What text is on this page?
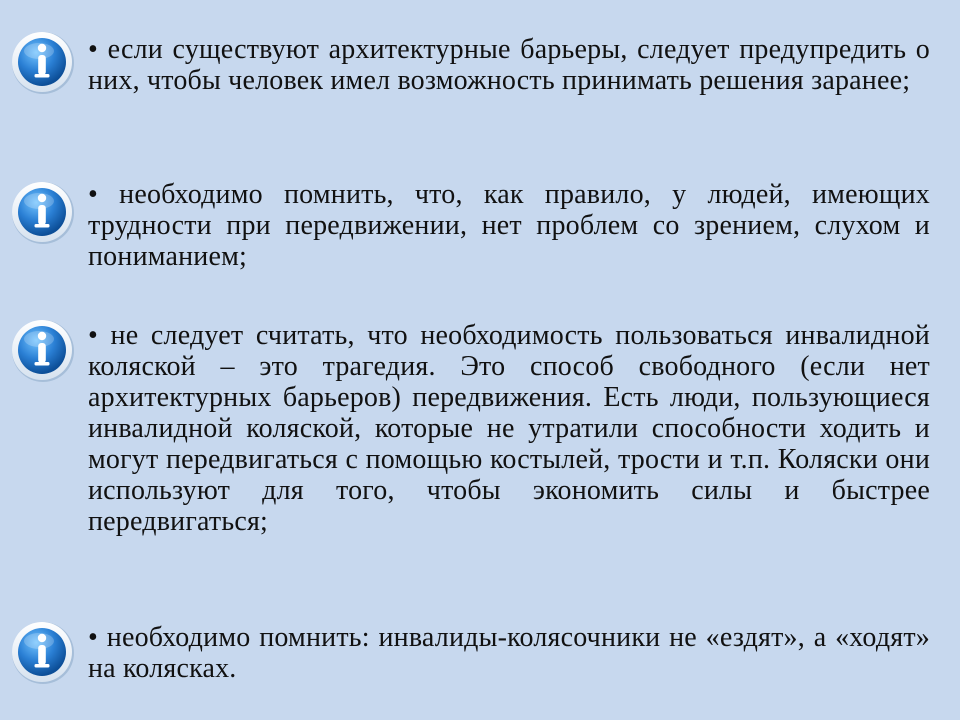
• если существуют архитектурные барьеры, следует предупредить о них, чтобы человек имел возможность принимать решения заранее;

• необходимо помнить, что, как правило, у людей, имеющих трудности при передвижении, нет проблем со зрением, слухом и пониманием;

• не следует считать, что необходимость пользоваться инвалидной коляской – это трагедия. Это способ свободного (если нет архитектурных барьеров) передвижения. Есть люди, пользующиеся инвалидной коляской, которые не утратили способности ходить и могут передвигаться с помощью костылей, трости и т.п. Коляски они используют для того, чтобы экономить силы и быстрее передвигаться;

• необходимо помнить: инвалиды-колясочники не «ездят», а «ходят» на колясках.
